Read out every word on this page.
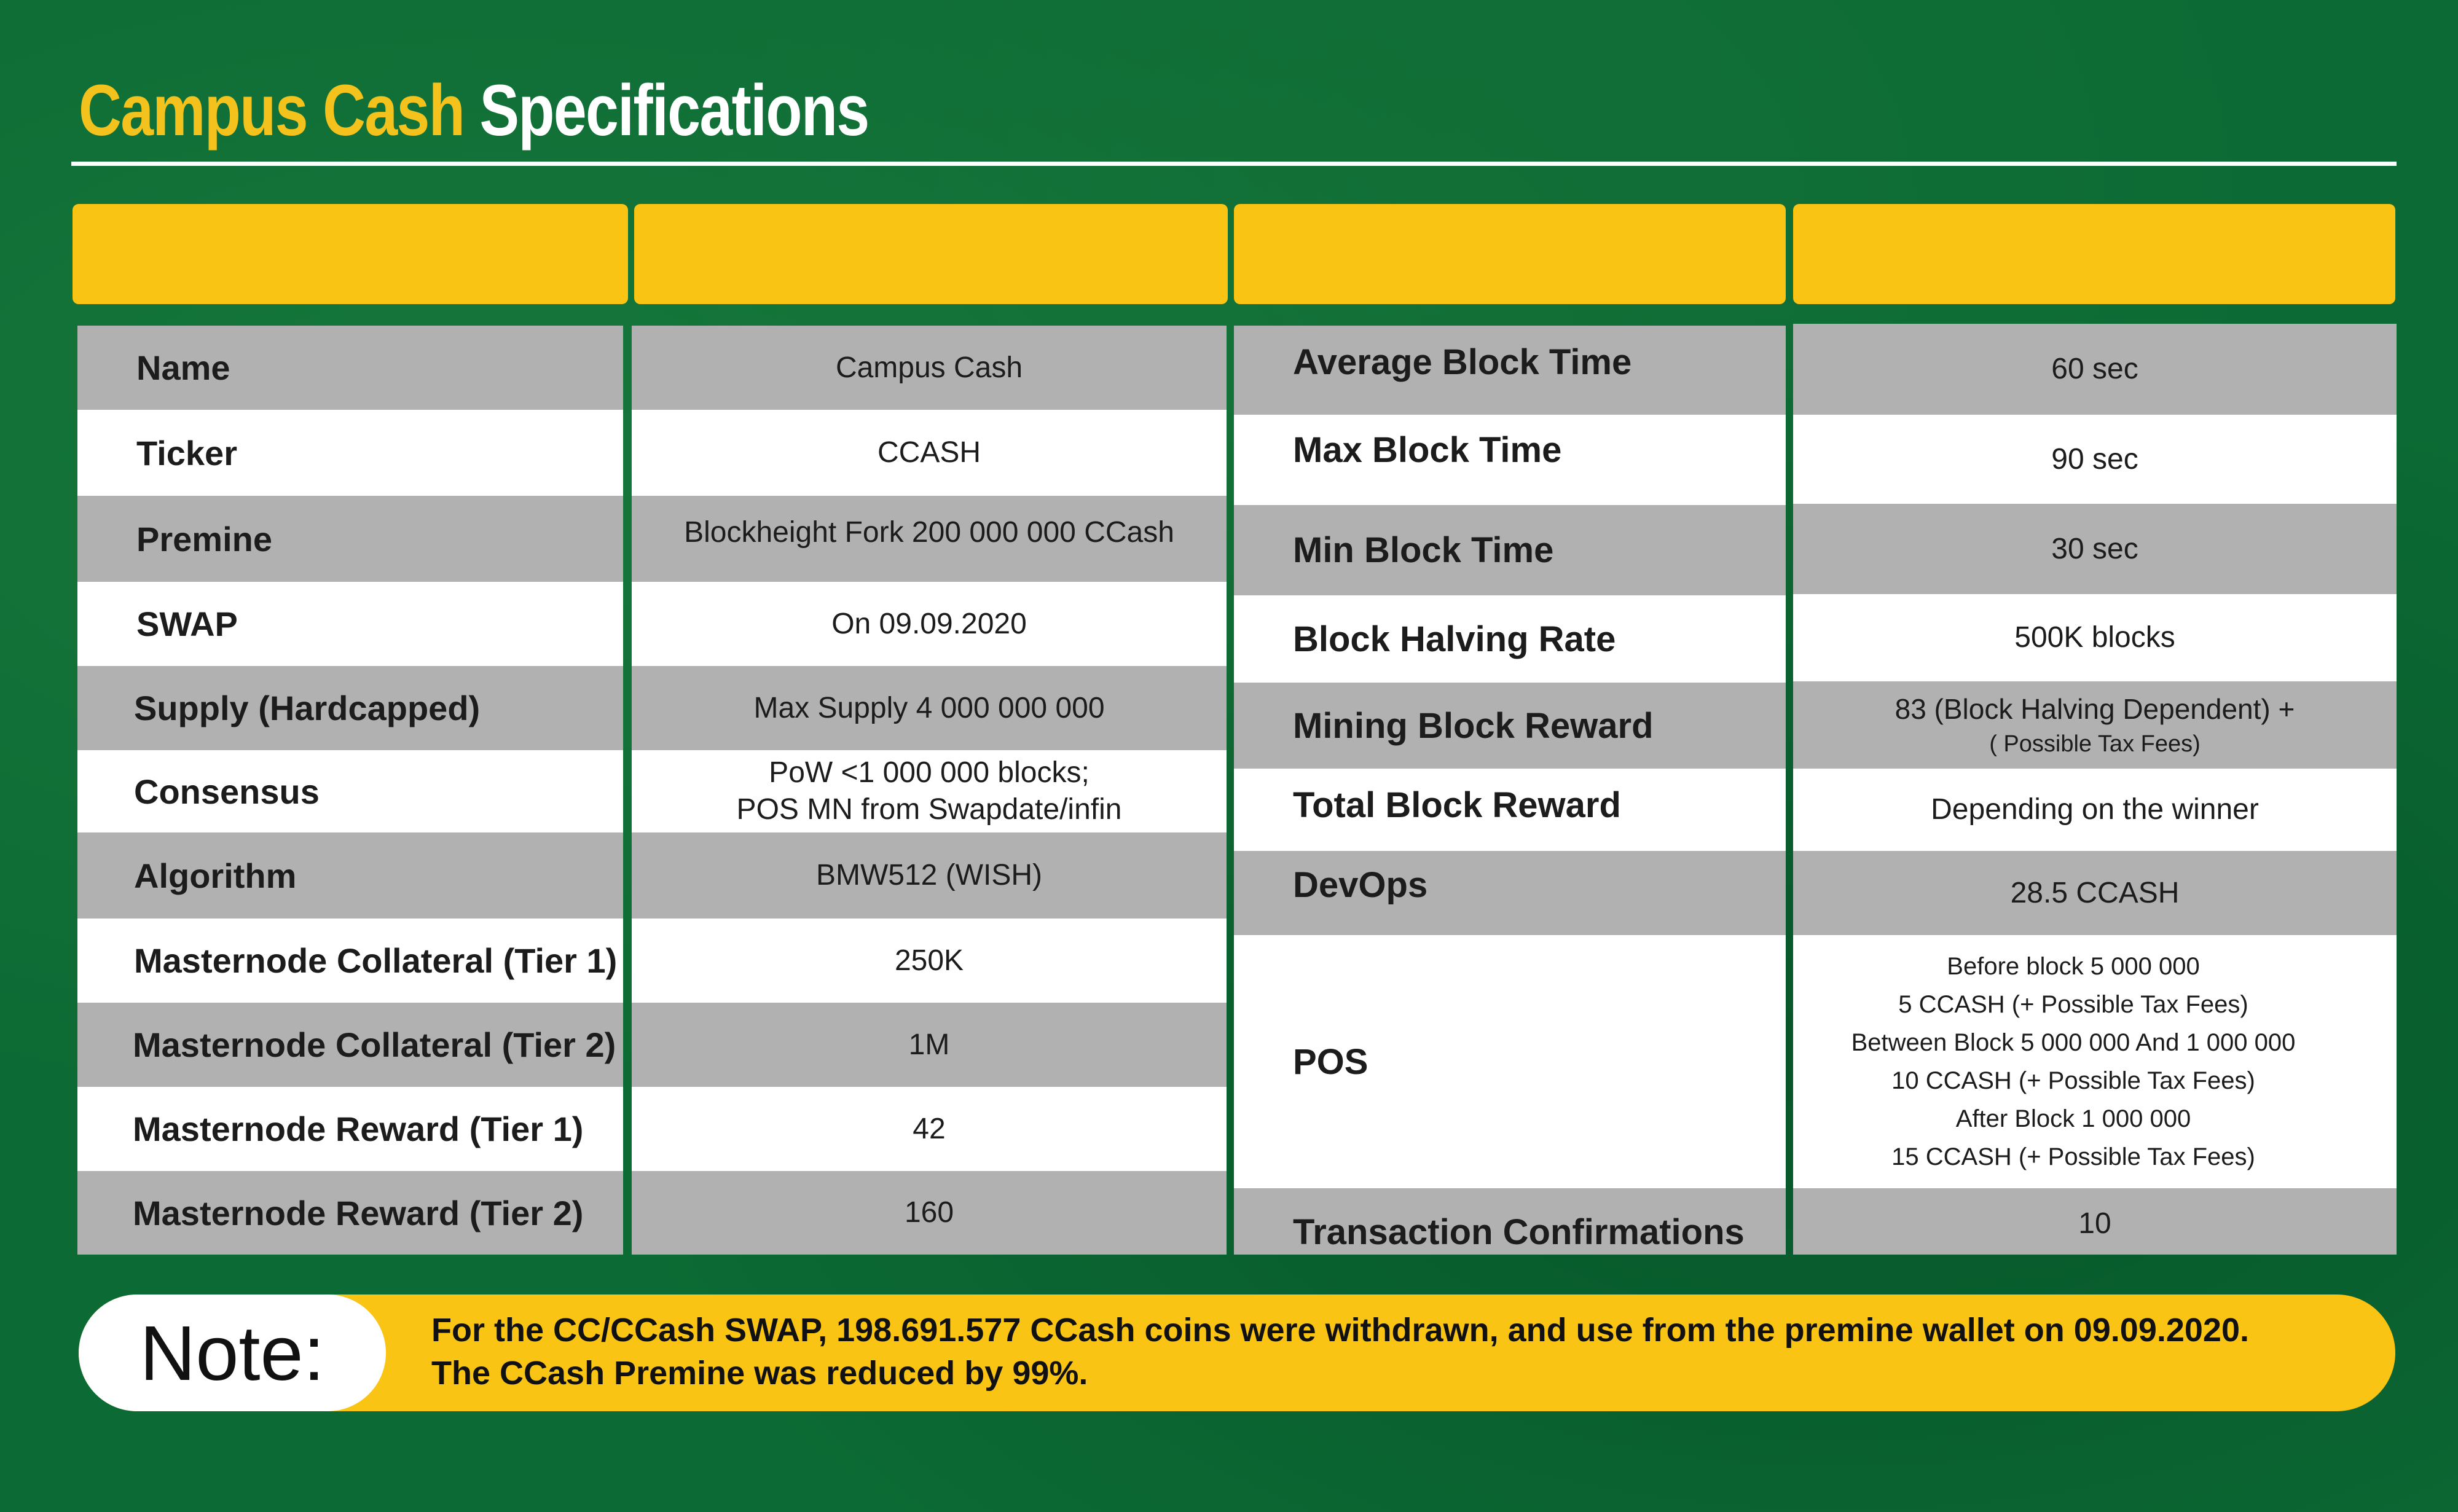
Campus Cash Specifications
Name
Ticker
Premine
SWAP
Supply (Hardcapped)
Consensus
Algorithm
Masternode Collateral (Tier 1)
Masternode Collateral (Tier 2)
Masternode Reward (Tier 1)
Masternode Reward (Tier 2)
Campus Cash
CCASH
Blockheight Fork 200 000 000 CCash
On 09.09.2020
Max Supply 4 000 000 000
PoW <1 000 000 blocks;
POS MN from Swapdate/infin
BMW512 (WISH)
250K
1M
42
160
Average Block Time
Max Block Time
Min Block Time
Block Halving Rate
Mining Block Reward
Total Block Reward
DevOps
POS
Transaction Confirmations
60 sec
90 sec
30 sec
500K blocks
83 (Block Halving Dependent) +
( Possible Tax Fees)
Depending on the winner
28.5 CCASH
Before block 5 000 000
5 CCASH (+ Possible Tax Fees)
Between Block 5 000 000 And 1 000 000
10 CCASH (+ Possible Tax Fees)
After Block 1 000 000
15 CCASH (+ Possible Tax Fees)
10
Note:	For the CC/CCash SWAP, 198.691.577 CCash coins were withdrawn, and use from the premine wallet on 09.09.2020.
The CCash Premine was reduced by 99%.
